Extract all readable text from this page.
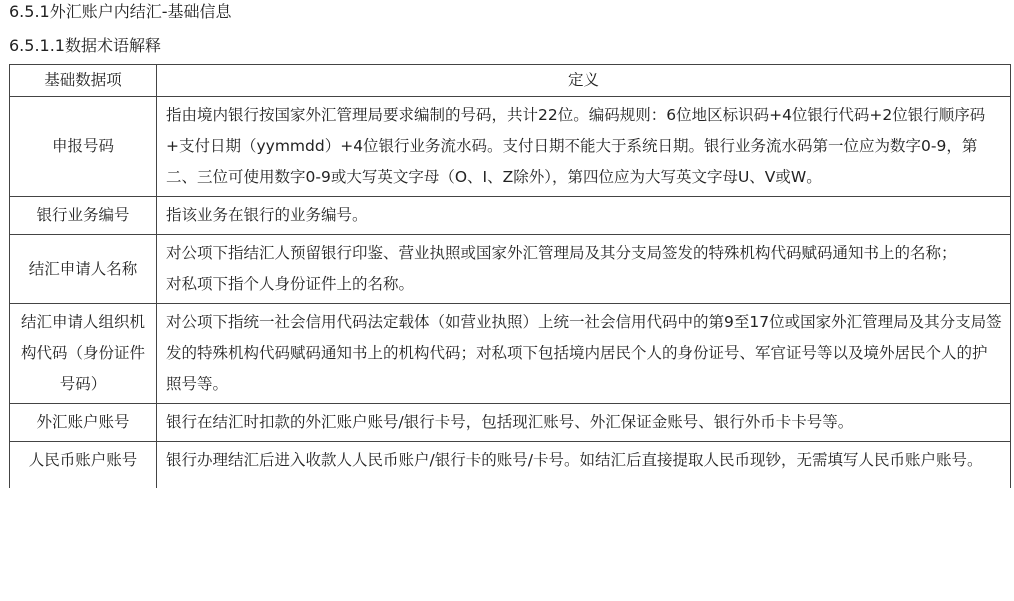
6.5.1外汇账户内结汇-基础信息
6.5.1.1数据术语解释
基础数据项	定义
申报号码	指由境内银行按国家外汇管理局要求编制的号码，共计22位。编码规则：6位地区标识码+4位银行代码+2位银行顺序码+支付日期（yymmdd）+4位银行业务流水码。支付日期不能大于系统日期。银行业务流水码第一位应为数字0-9，第二、三位可使用数字0-9或大写英文字母（O、I、Z除外），第四位应为大写英文字母U、V或W。
银行业务编号	指该业务在银行的业务编号。
结汇申请人名称	对公项下指结汇人预留银行印鉴、营业执照或国家外汇管理局及其分支局签发的特殊机构代码赋码通知书上的名称；
对私项下指个人身份证件上的名称。

结汇申请人组织机构代码（身份证件号码）	对公项下指统一社会信用代码法定载体（如营业执照）上统一社会信用代码中的第9至17位或国家外汇管理局及其分支局签发的特殊机构代码赋码通知书上的机构代码；对私项下包括境内居民个人的身份证号、军官证号等以及境外居民个人的护照号等。
外汇账户账号	银行在结汇时扣款的外汇账户账号/银行卡号，包括现汇账号、外汇保证金账号、银行外币卡卡号等。
人民币账户账号	银行办理结汇后进入收款人人民币账户/银行卡的账号/卡号。如结汇后直接提取人民币现钞，无需填写人民币账户账号。
